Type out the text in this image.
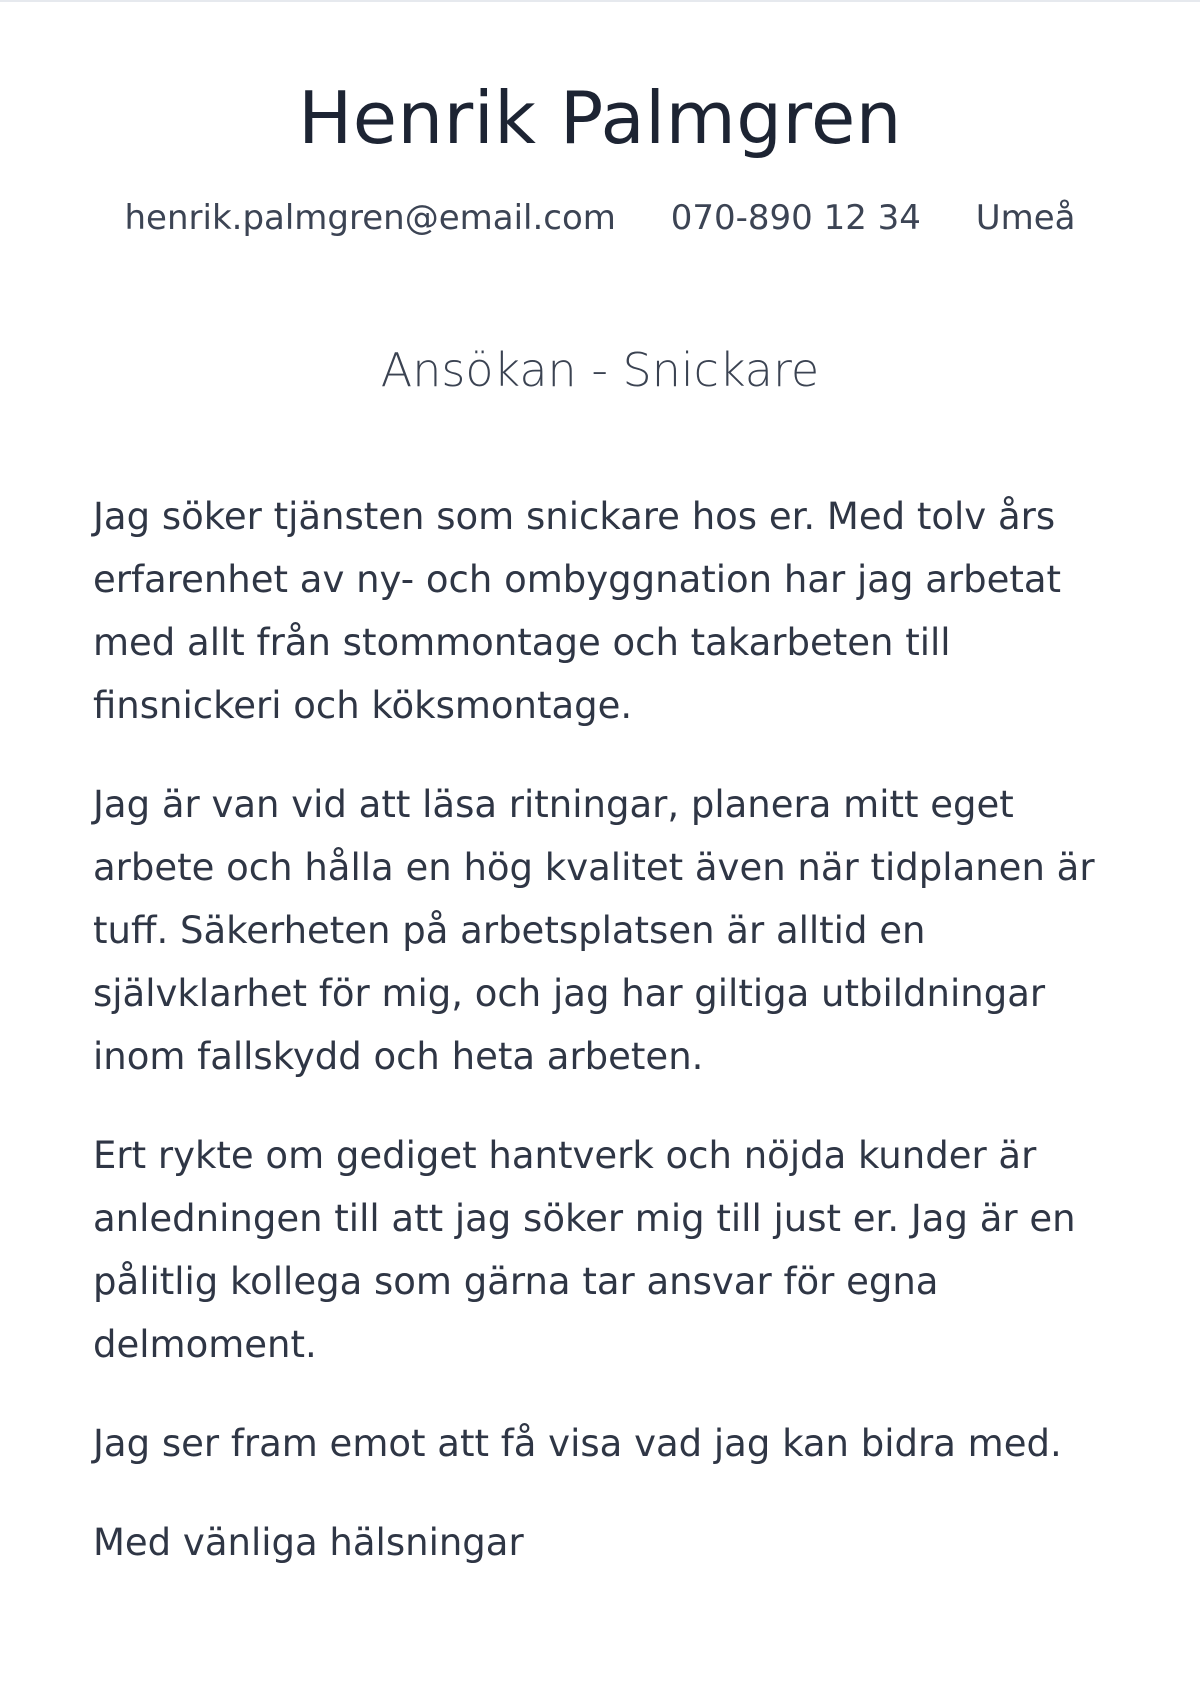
Henrik Palmgren
henrik.palmgren@email.com 070-890 12 34 Umeå
Ansökan - Snickare

Jag söker tjänsten som snickare hos er. Med tolv års erfarenhet av ny- och ombyggnation har jag arbetat med allt från stommontage och takarbeten till finsnickeri och köksmontage.

Jag är van vid att läsa ritningar, planera mitt eget arbete och hålla en hög kvalitet även när tidplanen är tuff. Säkerheten på arbetsplatsen är alltid en självklarhet för mig, och jag har giltiga utbildningar inom fallskydd och heta arbeten.

Ert rykte om gediget hantverk och nöjda kunder är anledningen till att jag söker mig till just er. Jag är en pålitlig kollega som gärna tar ansvar för egna delmoment.

Jag ser fram emot att få visa vad jag kan bidra med.

Med vänliga hälsningar
